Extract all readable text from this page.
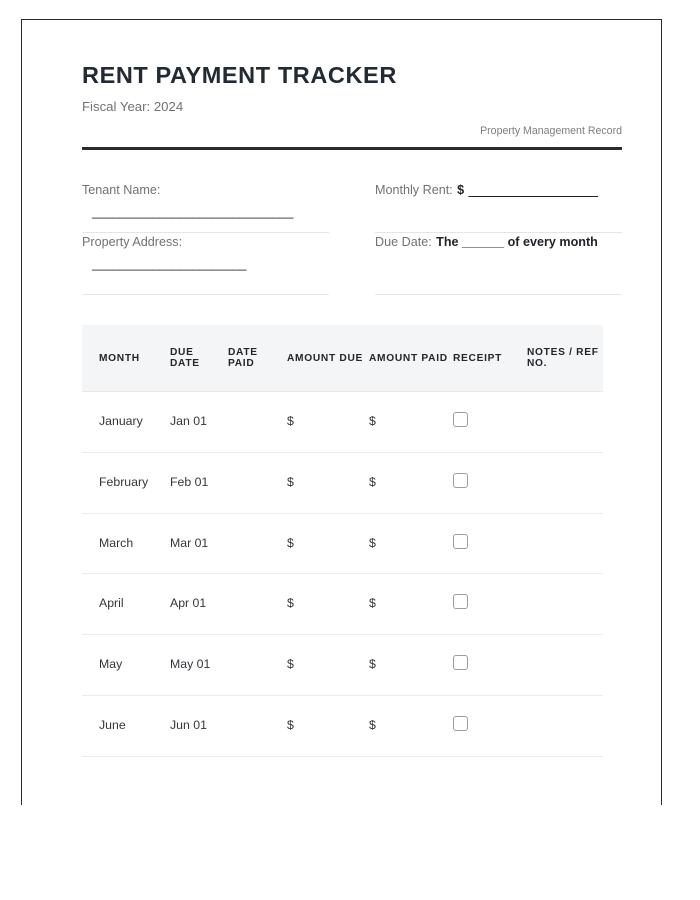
RENT PAYMENT TRACKER

Fiscal Year: 2024

Property Management Record

Tenant Name:
______________________________
Monthly Rent: $ _______________
Property Address:
_______________________
Due Date: The ______ of every month
MONTH	DUE DATE	DATE PAID	AMOUNT DUE	AMOUNT PAID	RECEIPT	NOTES / REF NO.
January	Jan 01		$	$		
February	Feb 01		$	$		
March	Mar 01		$	$		
April	Apr 01		$	$		
May	May 01		$	$		
June	Jun 01		$	$		
